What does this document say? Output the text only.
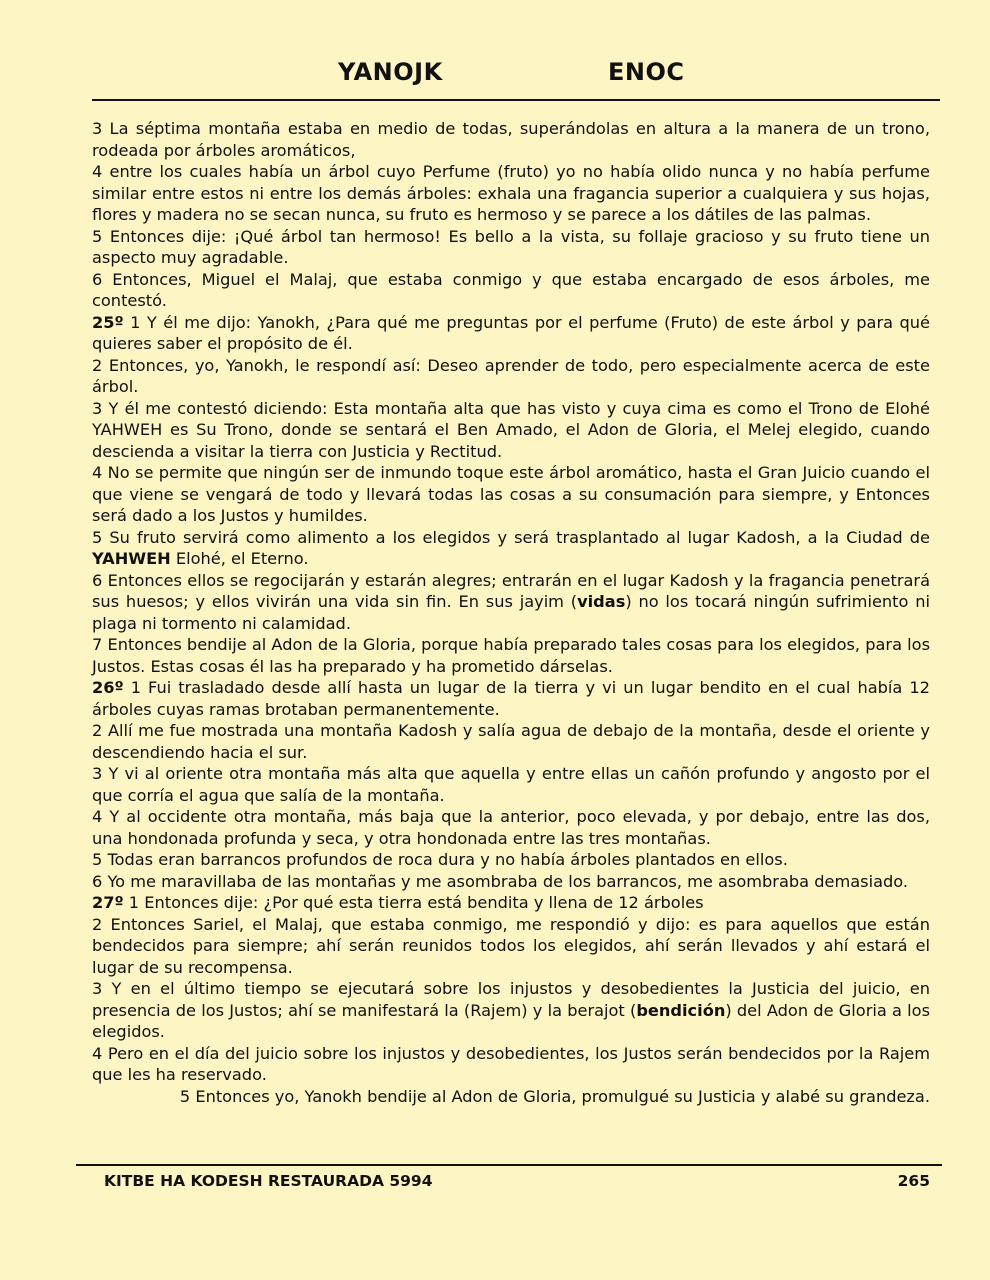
YANOJK	ENOC

3 La séptima montaña estaba en medio de todas, superándolas en altura a la manera de un trono, rodeada por árboles aromáticos,

4 entre los cuales había un árbol cuyo Perfume (fruto) yo no había olido nunca y no había perfume similar entre estos ni entre los demás árboles: exhala una fragancia superior a cualquiera y sus hojas, flores y madera no se secan nunca, su fruto es hermoso y se parece a los dátiles de las palmas.

5 Entonces dije: ¡Qué árbol tan hermoso! Es bello a la vista, su follaje gracioso y su fruto tiene un aspecto muy agradable.

6 Entonces, Miguel el Malaj, que estaba conmigo y que estaba encargado de esos árboles, me contestó.

25º 1 Y él me dijo: Yanokh, ¿Para qué me preguntas por el perfume (Fruto) de este árbol y para qué quieres saber el propósito de él.

2 Entonces, yo, Yanokh, le respondí así: Deseo aprender de todo, pero especialmente acerca de este árbol.

3 Y él me contestó diciendo: Esta montaña alta que has visto y cuya cima es como el Trono de Elohé YAHWEH es Su Trono, donde se sentará el Ben Amado, el Adon de Gloria, el Melej elegido, cuando descienda a visitar la tierra con Justicia y Rectitud.

4 No se permite que ningún ser de inmundo toque este árbol aromático, hasta el Gran Juicio cuando el que viene se vengará de todo y llevará todas las cosas a su consumación para siempre, y Entonces será dado a los Justos y humildes.

5 Su fruto servirá como alimento a los elegidos y será trasplantado al lugar Kadosh, a la Ciudad de YAHWEH Elohé, el Eterno.

6 Entonces ellos se regocijarán y estarán alegres; entrarán en el lugar Kadosh y la fragancia penetrará sus huesos; y ellos vivirán una vida sin fin. En sus jayim (vidas) no los tocará ningún sufrimiento ni plaga ni tormento ni calamidad.

7 Entonces bendije al Adon de la Gloria, porque había preparado tales cosas para los elegidos, para los Justos. Estas cosas él las ha preparado y ha prometido dárselas.

26º 1 Fui trasladado desde allí hasta un lugar de la tierra y vi un lugar bendito en el cual había 12 árboles cuyas ramas brotaban permanentemente.

2 Allí me fue mostrada una montaña Kadosh y salía agua de debajo de la montaña, desde el oriente y descendiendo hacia el sur.

3 Y vi al oriente otra montaña más alta que aquella y entre ellas un cañón profundo y angosto por el que corría el agua que salía de la montaña.

4 Y al occidente otra montaña, más baja que la anterior, poco elevada, y por debajo, entre las dos, una hondonada profunda y seca, y otra hondonada entre las tres montañas.

5 Todas eran barrancos profundos de roca dura y no había árboles plantados en ellos.

6 Yo me maravillaba de las montañas y me asombraba de los barrancos, me asombraba demasiado.

27º 1 Entonces dije: ¿Por qué esta tierra está bendita y llena de 12 árboles

2 Entonces Sariel, el Malaj, que estaba conmigo, me respondió y dijo: es para aquellos que están bendecidos para siempre; ahí serán reunidos todos los elegidos, ahí serán llevados y ahí estará el lugar de su recompensa.

3 Y en el último tiempo se ejecutará sobre los injustos y desobedientes la Justicia del juicio, en presencia de los Justos; ahí se manifestará la (Rajem) y la berajot (bendición) del Adon de Gloria a los elegidos.

4 Pero en el día del juicio sobre los injustos y desobedientes, los Justos serán bendecidos por la Rajem que les ha reservado.

5 Entonces yo, Yanokh bendije al Adon de Gloria, promulgué su Justicia y alabé su grandeza.

KITBE HA KODESH RESTAURADA 5994	265
